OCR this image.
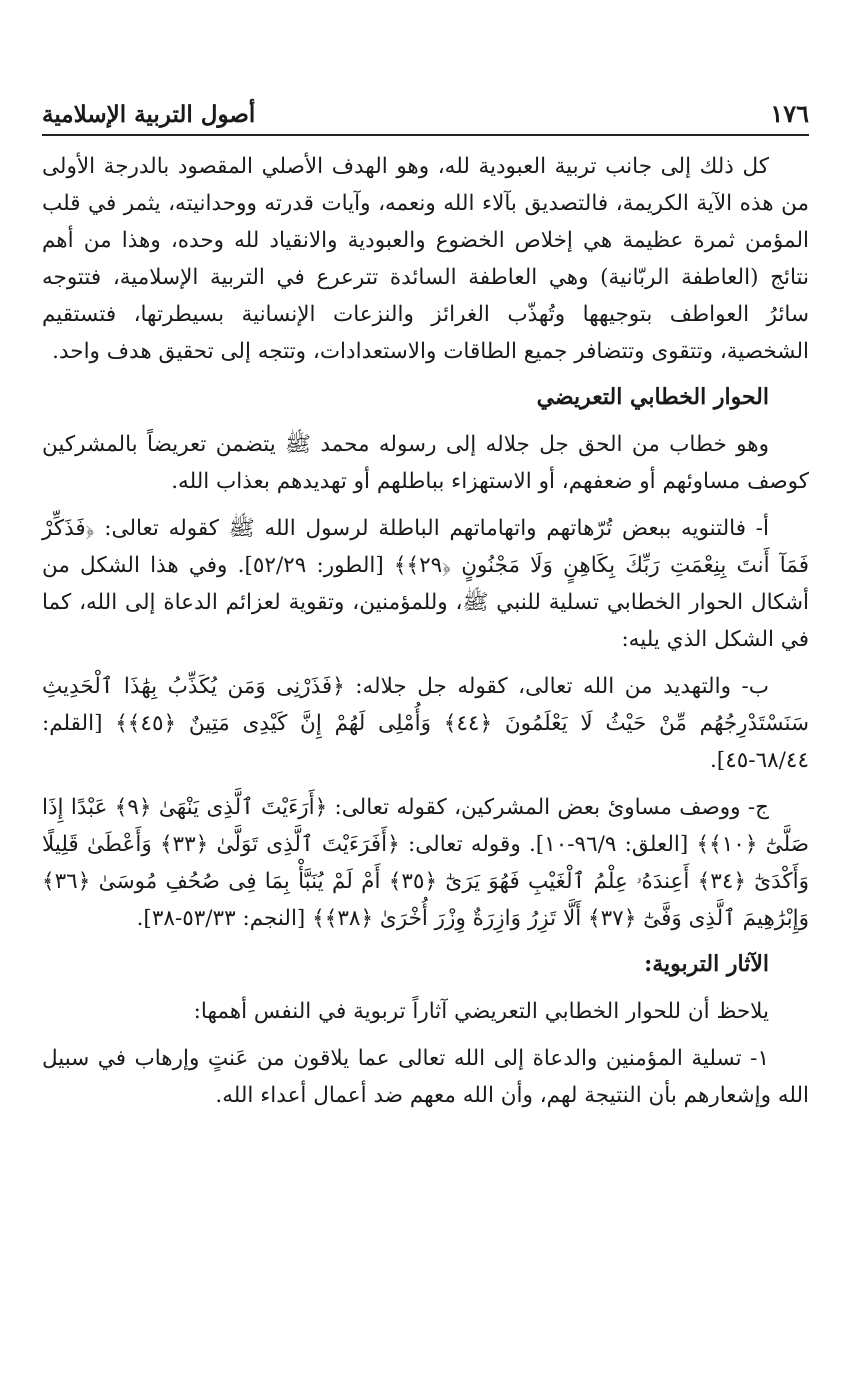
١٧٦
أصول التربية الإسلامية

كل ذلك إلى جانب تربية العبودية لله، وهو الهدف الأصلي المقصود بالدرجة الأولى من هذه الآية الكريمة، فالتصديق بآلاء الله ونعمه، وآيات قدرته ووحدانيته، يثمر في قلب المؤمن ثمرة عظيمة هي إخلاص الخضوع والعبودية والانقياد لله وحده، وهذا من أهم نتائج (العاطفة الربّانية) وهي العاطفة السائدة تترعرع في التربية الإسلامية، فتتوجه سائرُ العواطف بتوجيهها وتُهذّب الغرائز والنزعات الإنسانية بسيطرتها، فتستقيم الشخصية، وتتقوى وتتضافر جميع الطاقات والاستعدادات، وتتجه إلى تحقيق هدف واحد.

الحوار الخطابي التعريضي

وهو خطاب من الحق جل جلاله إلى رسوله محمد ﷺ يتضمن تعريضاً بالمشركين كوصف مساوئهم أو ضعفهم، أو الاستهزاء بباطلهم أو تهديدهم بعذاب الله.

أ- فالتنويه ببعض تُرّهاتهم واتهاماتهم الباطلة لرسول الله ﷺ كقوله تعالى: ﴿فَذَكِّرْ فَمَآ أَنتَ بِنِعْمَتِ رَبِّكَ بِكَاهِنٍ وَلَا مَجْنُونٍ ﴿٢٩﴾﴾ [الطور: ٥٢/٢٩]. وفي هذا الشكل من أشكال الحوار الخطابي تسلية للنبي ﷺ، وللمؤمنين، وتقوية لعزائم الدعاة إلى الله، كما في الشكل الذي يليه:

ب- والتهديد من الله تعالى، كقوله جل جلاله: ﴿فَذَرْنِى وَمَن يُكَذِّبُ بِهَٰذَا ٱلْحَدِيثِ سَنَسْتَدْرِجُهُم مِّنْ حَيْثُ لَا يَعْلَمُونَ ﴿٤٤﴾ وَأُمْلِى لَهُمْ إِنَّ كَيْدِى مَتِينٌ ﴿٤٥﴾﴾ [القلم: ٦٨/٤٤-٤٥].

ج- ووصف مساوئ بعض المشركين، كقوله تعالى: ﴿أَرَءَيْتَ ٱلَّذِى يَنْهَىٰ ﴿٩﴾ عَبْدًا إِذَا صَلَّىٰٓ ﴿١٠﴾﴾ [العلق: ٩٦/٩-١٠]. وقوله تعالى: ﴿أَفَرَءَيْتَ ٱلَّذِى تَوَلَّىٰ ﴿٣٣﴾ وَأَعْطَىٰ قَلِيلًا وَأَكْدَىٰٓ ﴿٣٤﴾ أَعِندَهُۥ عِلْمُ ٱلْغَيْبِ فَهُوَ يَرَىٰٓ ﴿٣٥﴾ أَمْ لَمْ يُنَبَّأْ بِمَا فِى صُحُفِ مُوسَىٰ ﴿٣٦﴾ وَإِبْرَٰهِيمَ ٱلَّذِى وَفَّىٰٓ ﴿٣٧﴾ أَلَّا تَزِرُ وَازِرَةٌ وِزْرَ أُخْرَىٰ ﴿٣٨﴾﴾ [النجم: ٥٣/٣٣-٣٨].

الآثار التربوية:

يلاحظ أن للحوار الخطابي التعريضي آثاراً تربوية في النفس أهمها:

١- تسلية المؤمنين والدعاة إلى الله تعالى عما يلاقون من عَنتٍ وإرهاب في سبيل الله وإشعارهم بأن النتيجة لهم، وأن الله معهم ضد أعمال أعداء الله.
